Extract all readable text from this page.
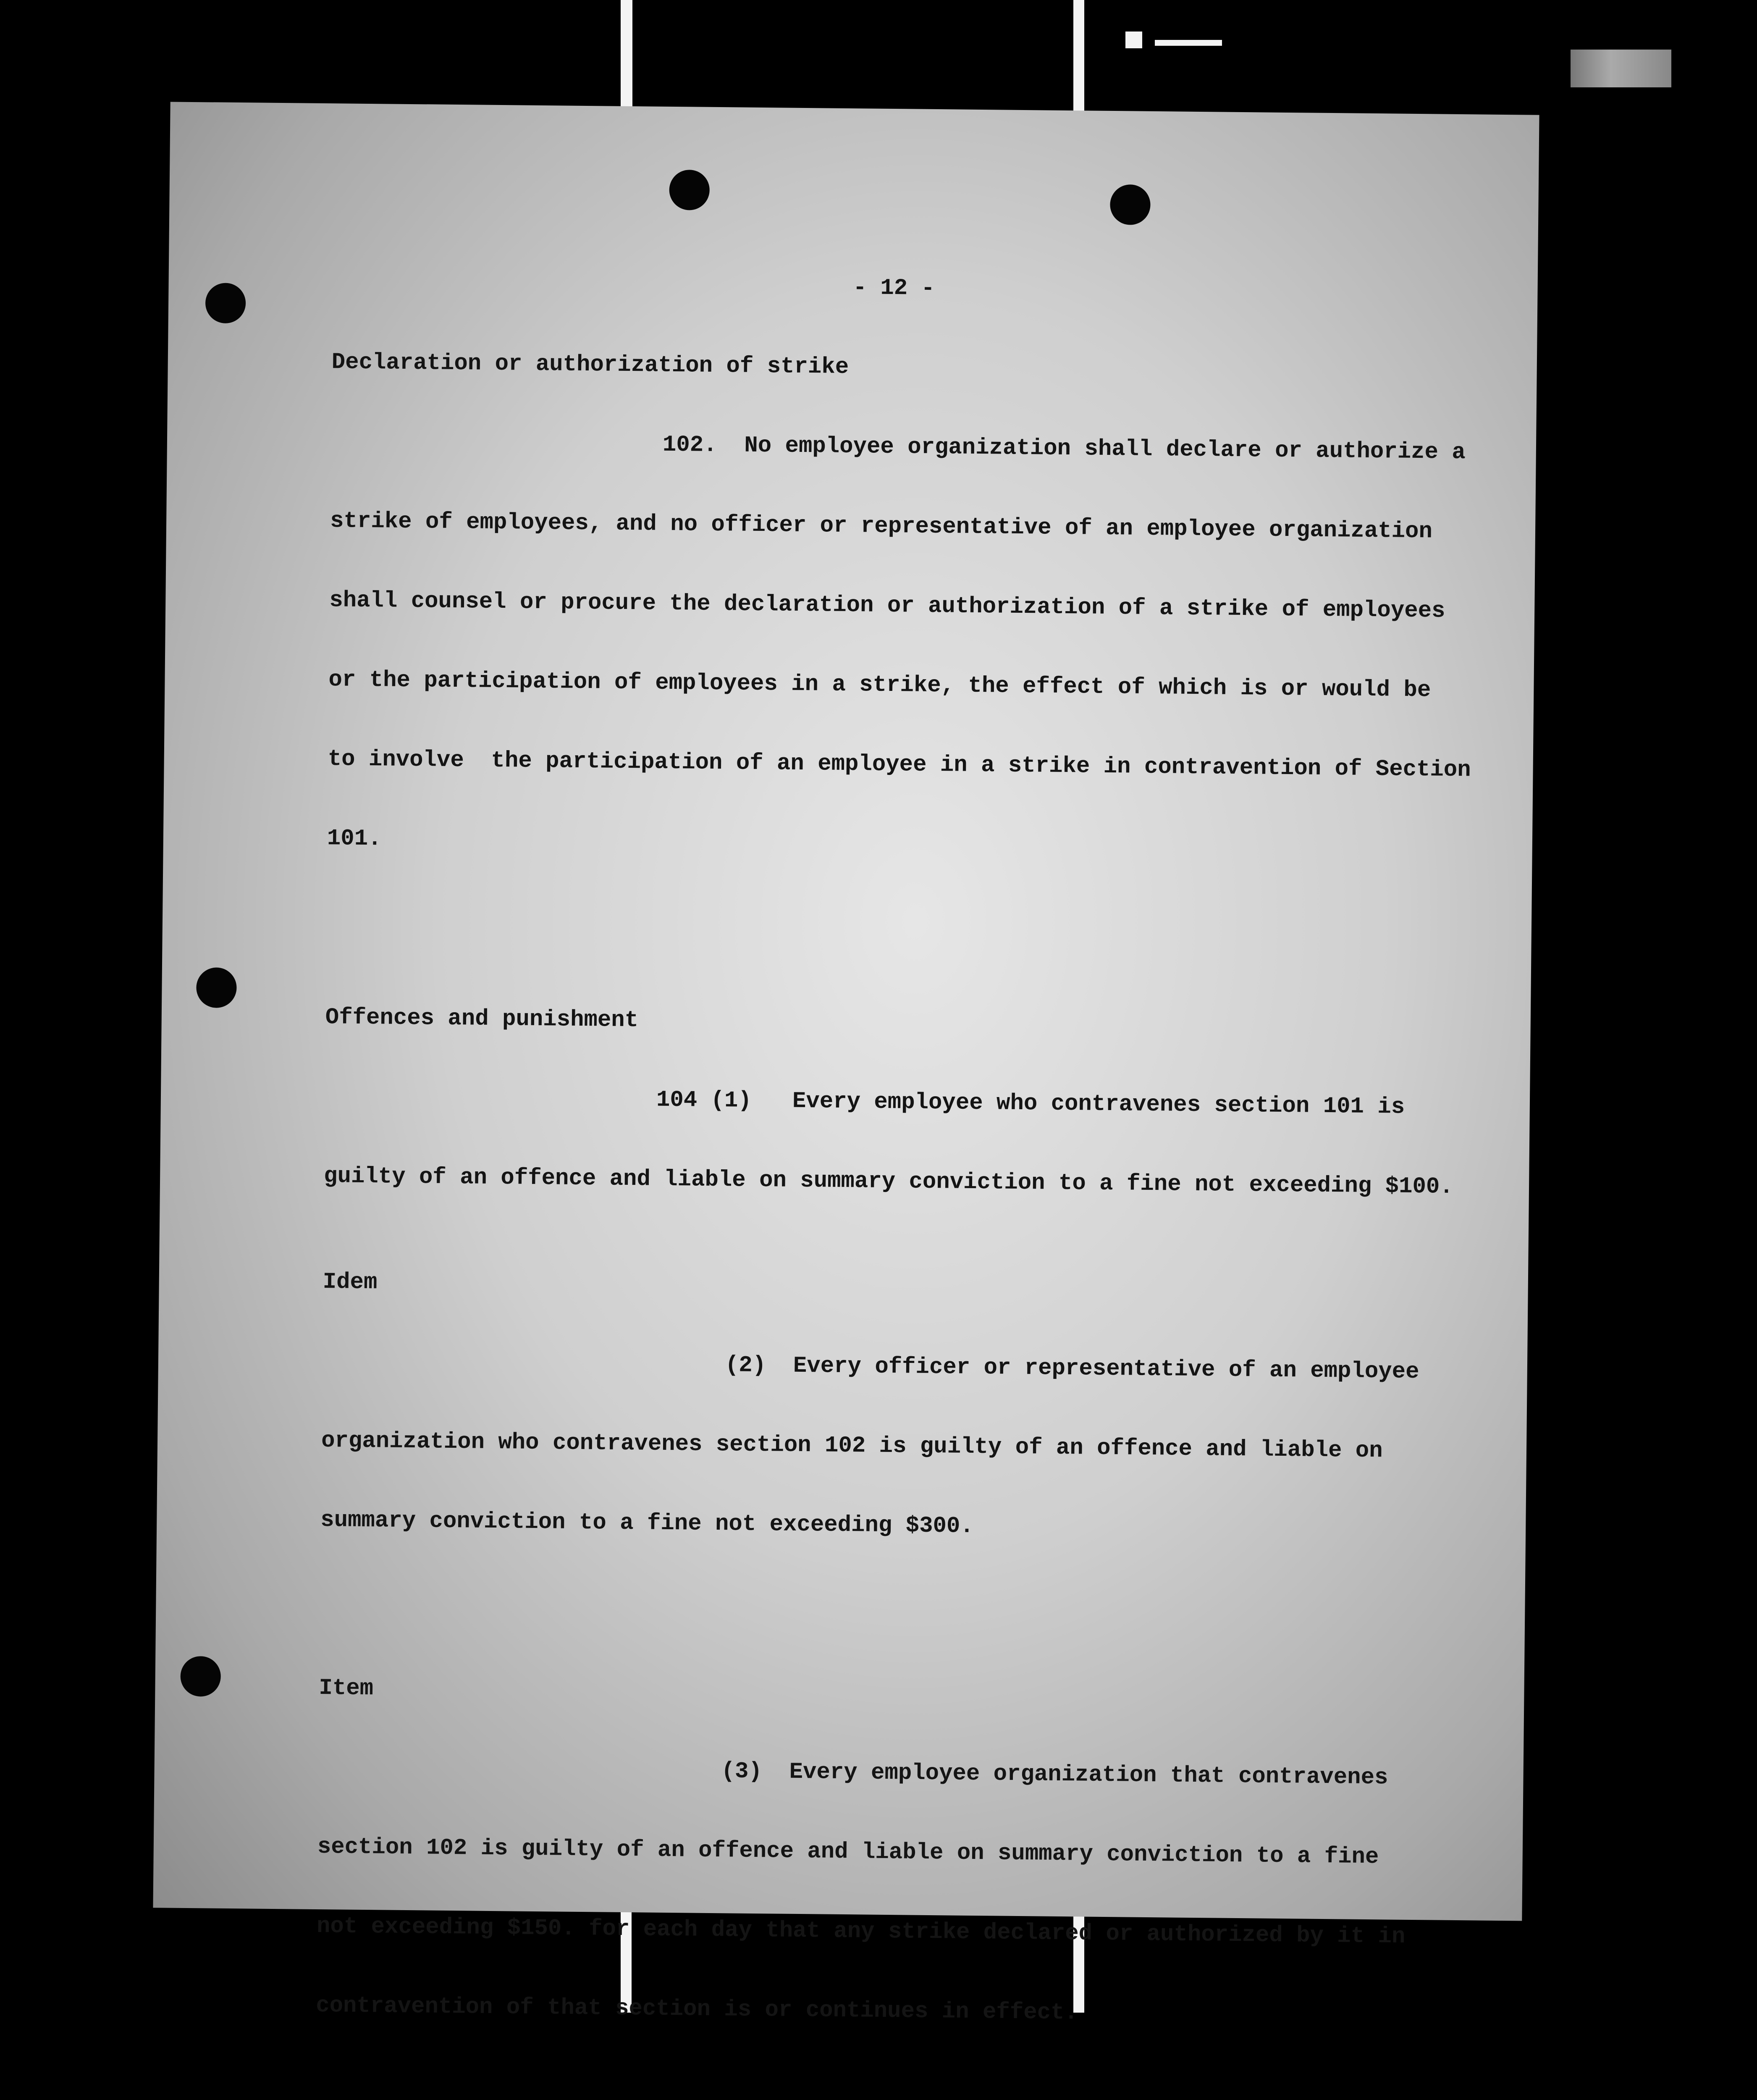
- 12 -

Declaration or authorization of strike

102.  No employee organization shall declare or authorize a

strike of employees, and no officer or representative of an employee organization

shall counsel or procure the declaration or authorization of a strike of employees

or the participation of employees in a strike, the effect of which is or would be

to involve  the participation of an employee in a strike in contravention of Section

101.

Offences and punishment

104 (1)   Every employee who contravenes section 101 is

guilty of an offence and liable on summary conviction to a fine not exceeding $100.

Idem

(2)  Every officer or representative of an employee

organization who contravenes section 102 is guilty of an offence and liable on

summary conviction to a fine not exceeding $300.

Item

(3)  Every employee organization that contravenes

section 102 is guilty of an offence and liable on summary conviction to a fine

not exceeding $150. for each day that any strike declared or authorized by it in

contravention of that section is or continues in effect.
